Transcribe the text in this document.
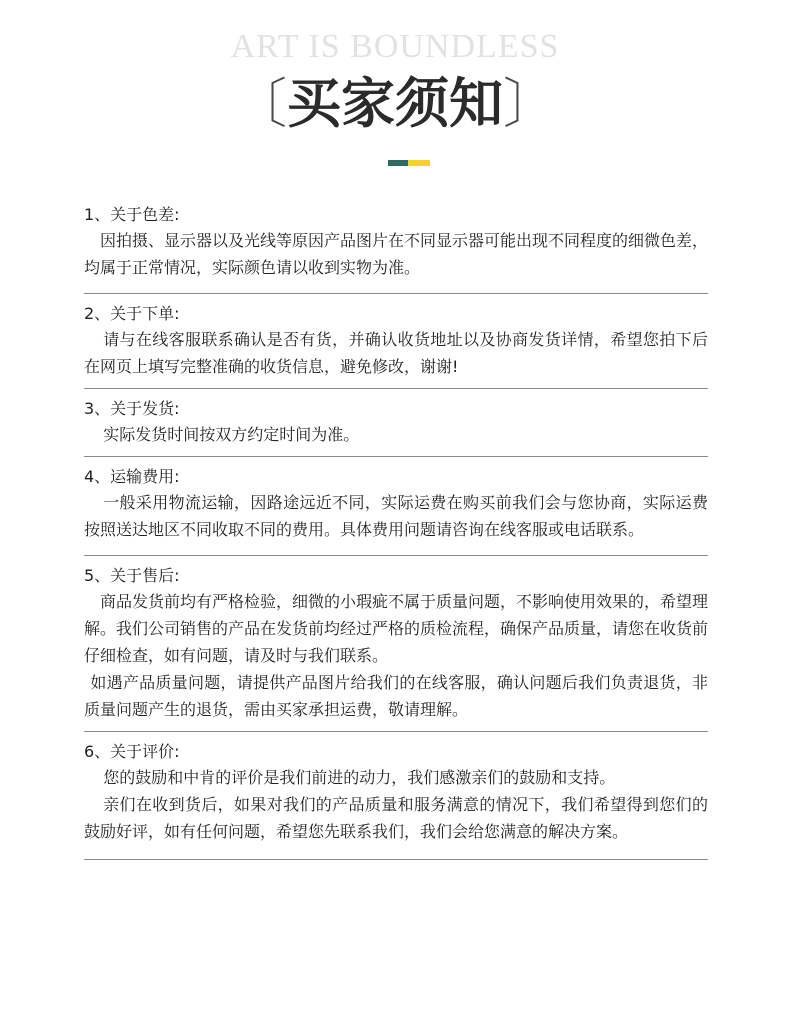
ART IS BOUNDLESS
〔买家须知〕
1、关于色差:
因拍摄、显示器以及光线等原因产品图片在不同显示器可能出现不同程度的细微色差，均属于正常情况，实际颜色请以收到实物为准。
2、关于下单:
请与在线客服联系确认是否有货，并确认收货地址以及协商发货详情，希望您拍下后在网页上填写完整准确的收货信息，避免修改，谢谢!
3、关于发货:
实际发货时间按双方约定时间为准。
4、运输费用:
一般采用物流运输，因路途远近不同，实际运费在购买前我们会与您协商，实际运费按照送达地区不同收取不同的费用。具体费用问题请咨询在线客服或电话联系。
5、关于售后:
商品发货前均有严格检验，细微的小瑕疵不属于质量问题，不影响使用效果的，希望理解。我们公司销售的产品在发货前均经过严格的质检流程，确保产品质量，请您在收货前仔细检查，如有问题，请及时与我们联系。
如遇产品质量问题，请提供产品图片给我们的在线客服，确认问题后我们负责退货，非质量问题产生的退货，需由买家承担运费，敬请理解。
6、关于评价:
您的鼓励和中肯的评价是我们前进的动力，我们感激亲们的鼓励和支持。
亲们在收到货后，如果对我们的产品质量和服务满意的情况下，我们希望得到您们的鼓励好评，如有任何问题，希望您先联系我们，我们会给您满意的解决方案。
